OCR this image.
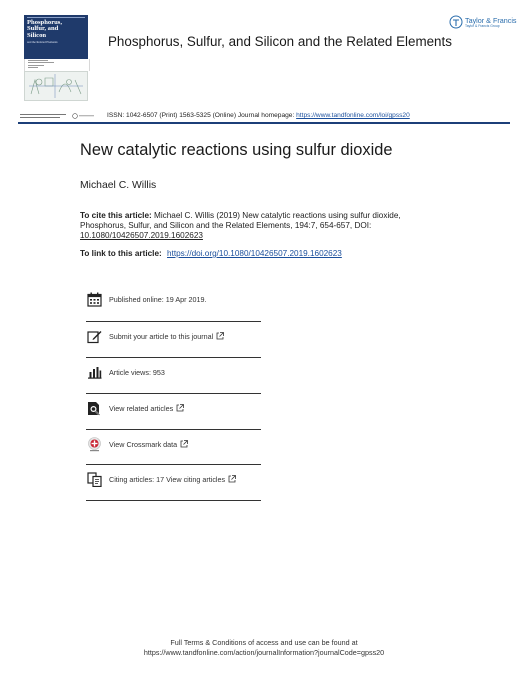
Phosphorus,
Sulfur, and
Silicon
and the Related Elements	Phosphorus, Sulfur, and Silicon and the Related Elements
Taylor & Francis
Taylor & Francis Group
ISSN: 1042-6507 (Print) 1563-5325 (Online) Journal homepage: https://www.tandfonline.com/loi/gpss20
New catalytic reactions using sulfur dioxide
Michael C. Willis
To cite this article: Michael C. Willis (2019) New catalytic reactions using sulfur dioxide, Phosphorus, Sulfur, and Silicon and the Related Elements, 194:7, 654-657, DOI: 10.1080/10426507.2019.1602623
To link to this article: https://doi.org/10.1080/10426507.2019.1602623
Published online: 19 Apr 2019.
Submit your article to this journal
Article views: 953
View related articles
View Crossmark data
Citing articles: 17 View citing articles
Full Terms & Conditions of access and use can be found at
https://www.tandfonline.com/action/journalInformation?journalCode=gpss20
